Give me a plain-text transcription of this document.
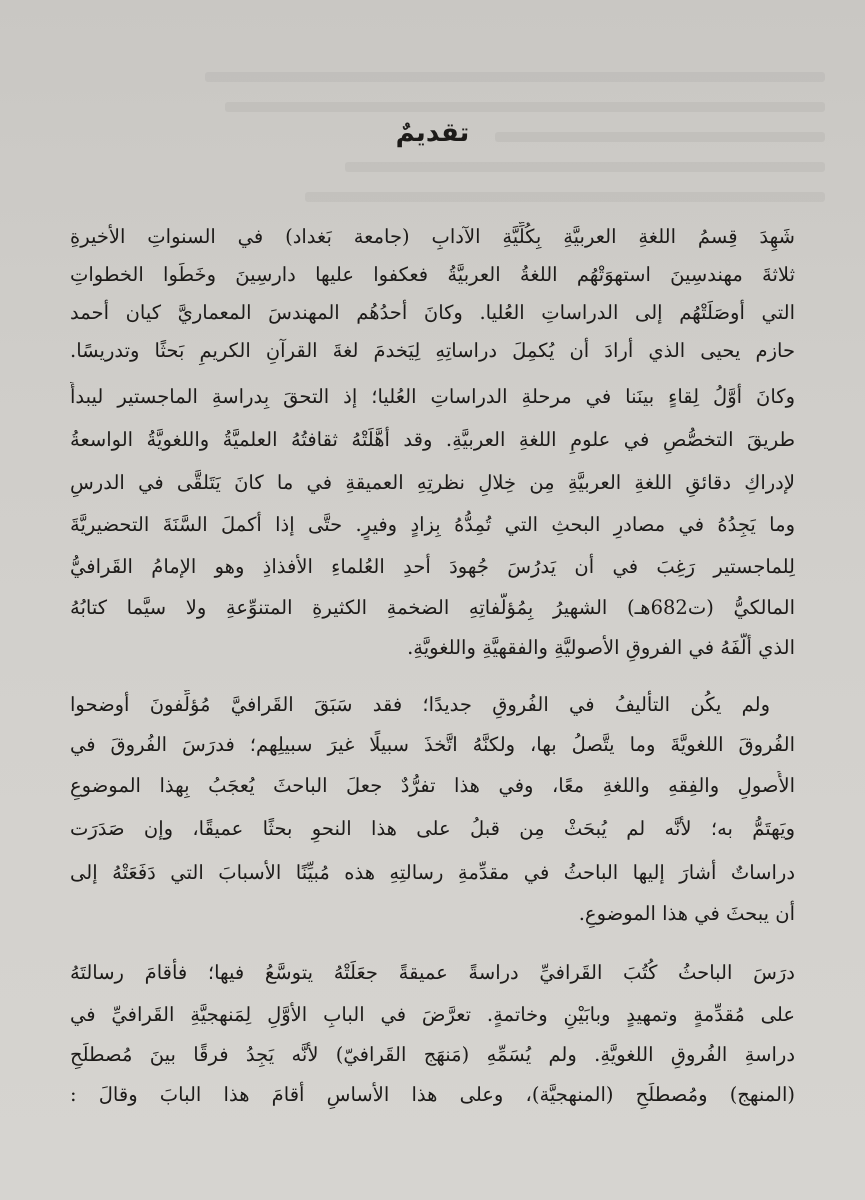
تقديمٌ
شَهِدَ قِسمُ اللغةِ العربيَّةِ بِكُلِّيَّةِ الآدابِ (جامعة بَغداد) في السنواتِ الأخيرةِ
ثلاثةَ مهندسِينَ استهوَتْهُم اللغةُ العربيَّةُ فعكفوا عليها دارسِينَ وخَطَوا الخطواتِ
التي أوصَلَتْهُم إلى الدراساتِ العُليا. وكانَ أحدُهُم المهندسَ المعماريَّ كيان أحمد
حازم يحيى الذي أرادَ أن يُكمِلَ دراساتِهِ لِيَخدمَ لغةَ القرآنِ الكريمِ بَحثًا وتدريسًا.
وكانَ أوَّلُ لِقاءٍ بينَنا في مرحلةِ الدراساتِ العُليا؛ إذ التحقَ بِدراسةِ الماجستير ليبدأَ
طريقَ التخصُّصِ في علومِ اللغةِ العربيَّةِ. وقد أهَّلَتْهُ ثقافتُهُ العلميَّةُ واللغويَّةُ الواسعةُ
لإدراكِ دقائقِ اللغةِ العربيَّةِ مِن خِلالِ نظرتِهِ العميقةِ في ما كانَ يَتَلقَّى في الدرسِ
وما يَجِدُهُ في مصادرِ البحثِ التي تُمِدُّهُ بِزادٍ وفيرٍ. حتَّى إذا أكملَ السَّنَةَ التحضيريَّةَ
لِلماجستير رَغِبَ في أن يَدرُسَ جُهودَ أحدِ العُلماءِ الأفذاذِ وهو الإمامُ القَرافيُّ
المالكيُّ (ت682هـ) الشهيرُ بِمُؤلَّفاتِهِ الضخمةِ الكثيرةِ المتنوِّعةِ ولا سيَّما كتابُهُ
الذي ألَّفَهُ في الفروقِ الأصوليَّةِ والفقهيَّةِ واللغويَّةِ.
ولم يكُن التأليفُ في الفُروقِ جديدًا؛ فقد سَبَقَ القَرافيَّ مُؤلِّفونَ أوضحوا
الفُروقَ اللغويَّةَ وما يتَّصلُ بها، ولكنَّهُ اتَّخذَ سبيلًا غيرَ سبيلِهم؛ فدرَسَ الفُروقَ في
الأُصولِ والفِقهِ واللغةِ معًا، وفي هذا تفرُّدٌ جعلَ الباحثَ يُعجَبُ بِهذا الموضوعِ
ويَهتَمُّ به؛ لأنَّه لم يُبحَثْ مِن قبلُ على هذا النحوِ بحثًا عميقًا، وإن صَدَرَت
دراساتٌ أشارَ إليها الباحثُ في مقدِّمةِ رسالتِهِ هذه مُبيِّنًا الأسبابَ التي دَفَعَتْهُ إلى
أن يبحثَ في هذا الموضوعِ.
درَسَ الباحثُ كُتُبَ القَرافيِّ دراسةً عميقةً جعَلَتْهُ يتوسَّعُ فيها؛ فأقامَ رسالتَهُ
على مُقدِّمةٍ وتمهيدٍ وبابَيْنِ وخاتمةٍ. تعرَّضَ في البابِ الأوَّلِ لِمَنهجيَّةِ القَرافيِّ في
دراسةِ الفُروقِ اللغويَّةِ. ولم يُسَمِّهِ (مَنهَج القَرافيّ) لأنَّه يَجِدُ فرقًا بينَ مُصطلَحِ
(المنهج) ومُصطلَحِ (المنهجيَّة)، وعلى هذا الأساسِ أقامَ هذا البابَ وقالَ :
